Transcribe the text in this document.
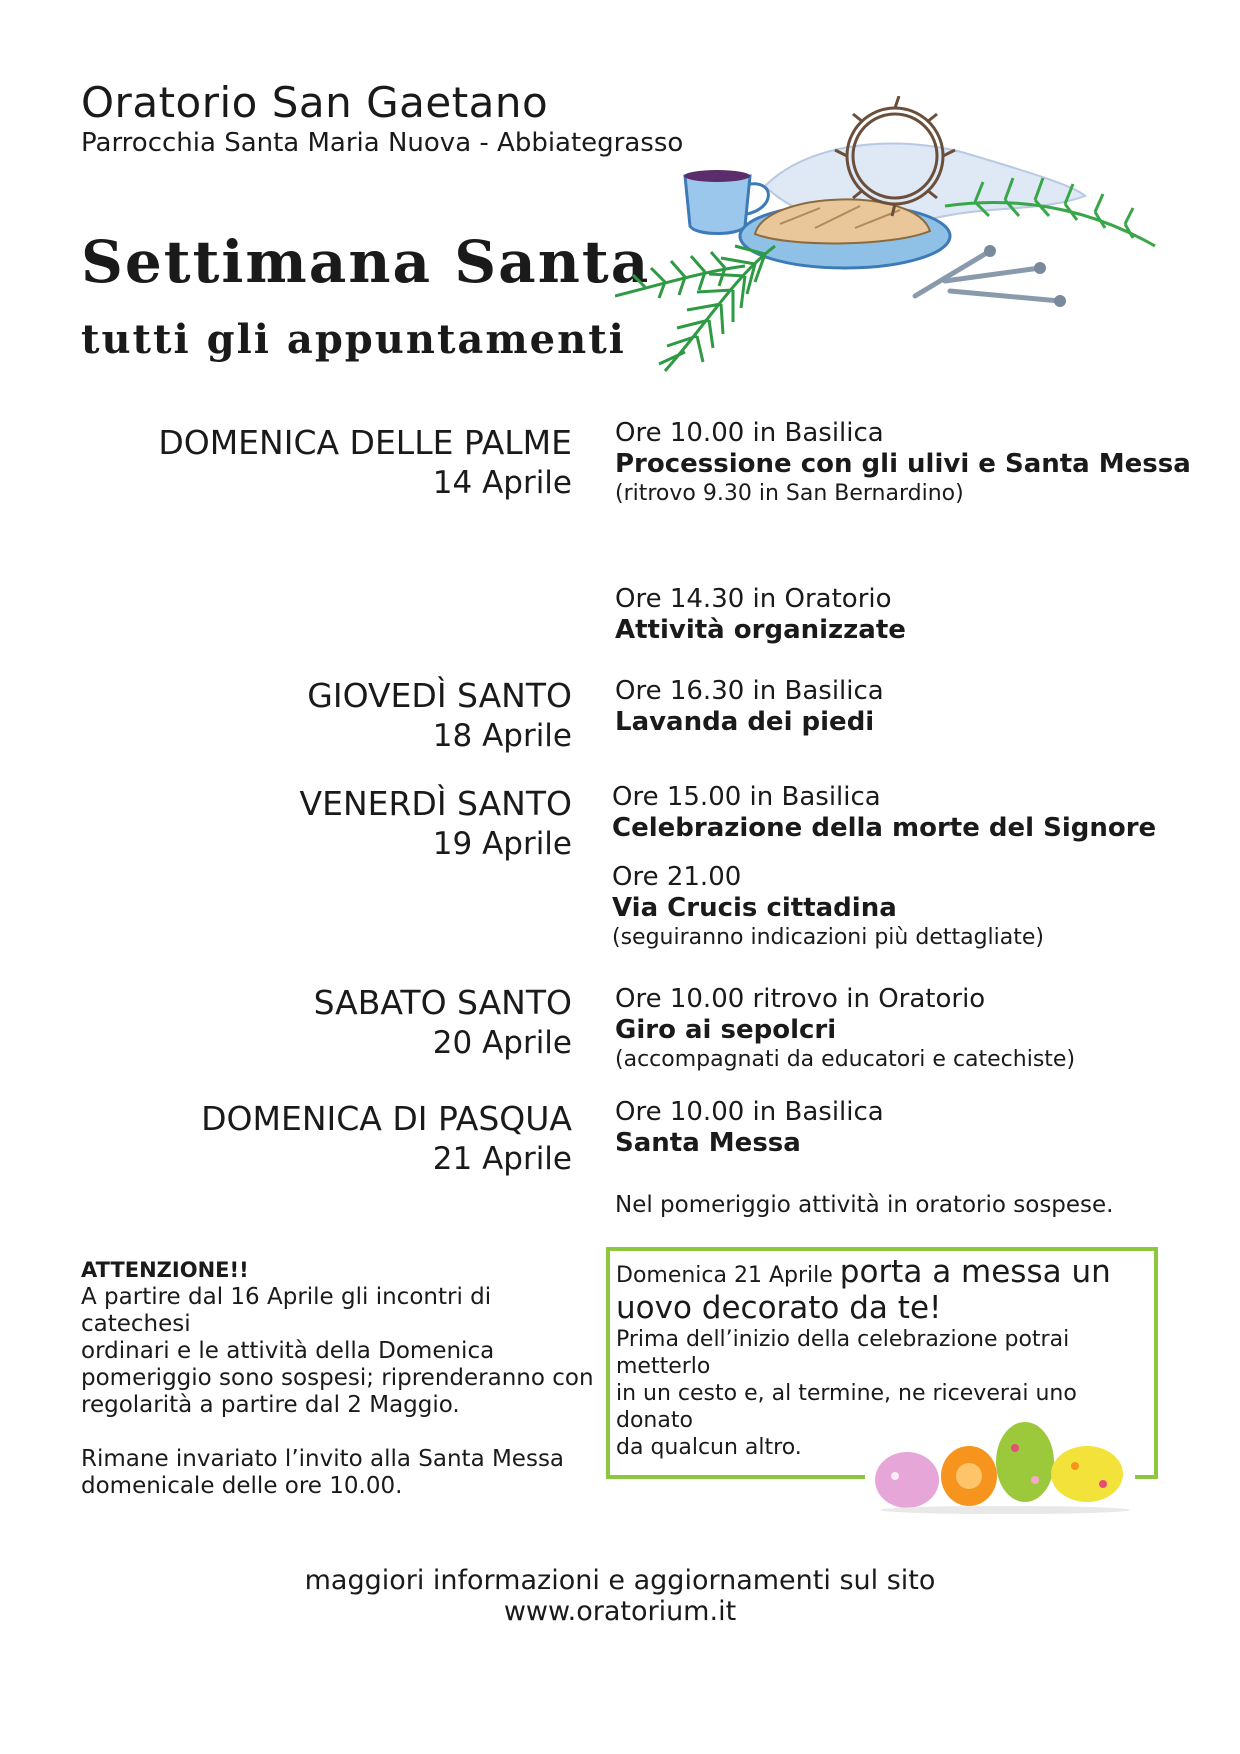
Oratorio San Gaetano
Parrocchia Santa Maria Nuova - Abbiategrasso
Settimana Santa
tutti gli appuntamenti
DOMENICA DELLE PALME
14 Aprile
Ore 10.00 in Basilica
Processione con gli ulivi e Santa Messa
(ritrovo 9.30 in San Bernardino)
Ore 14.30 in Oratorio
Attività organizzate
GIOVEDÌ SANTO
18 Aprile
Ore 16.30 in Basilica
Lavanda dei piedi
VENERDÌ SANTO
19 Aprile
Ore 15.00 in Basilica
Celebrazione della morte del Signore
Ore 21.00
Via Crucis cittadina
(seguiranno indicazioni più dettagliate)
SABATO SANTO
20 Aprile
Ore 10.00 ritrovo in Oratorio
Giro ai sepolcri
(accompagnati da educatori e catechiste)
DOMENICA DI PASQUA
21 Aprile
Ore 10.00 in Basilica
Santa Messa
Nel pomeriggio attività in oratorio sospese.

ATTENZIONE!!

A partire dal 16 Aprile gli incontri di catechesi

ordinari e le attività della Domenica

pomeriggio sono sospesi; riprenderanno con

regolarità a partire dal 2 Maggio.

Rimane invariato l’invito alla Santa Messa

domenicale delle ore 10.00.

Domenica 21 Aprile porta a messa un

uovo decorato da te!

Prima dell’inizio della celebrazione potrai metterlo

in un cesto e, al termine, ne riceverai uno donato

da qualcun altro.

maggiori informazioni e aggiornamenti sul sito
www.oratorium.it
